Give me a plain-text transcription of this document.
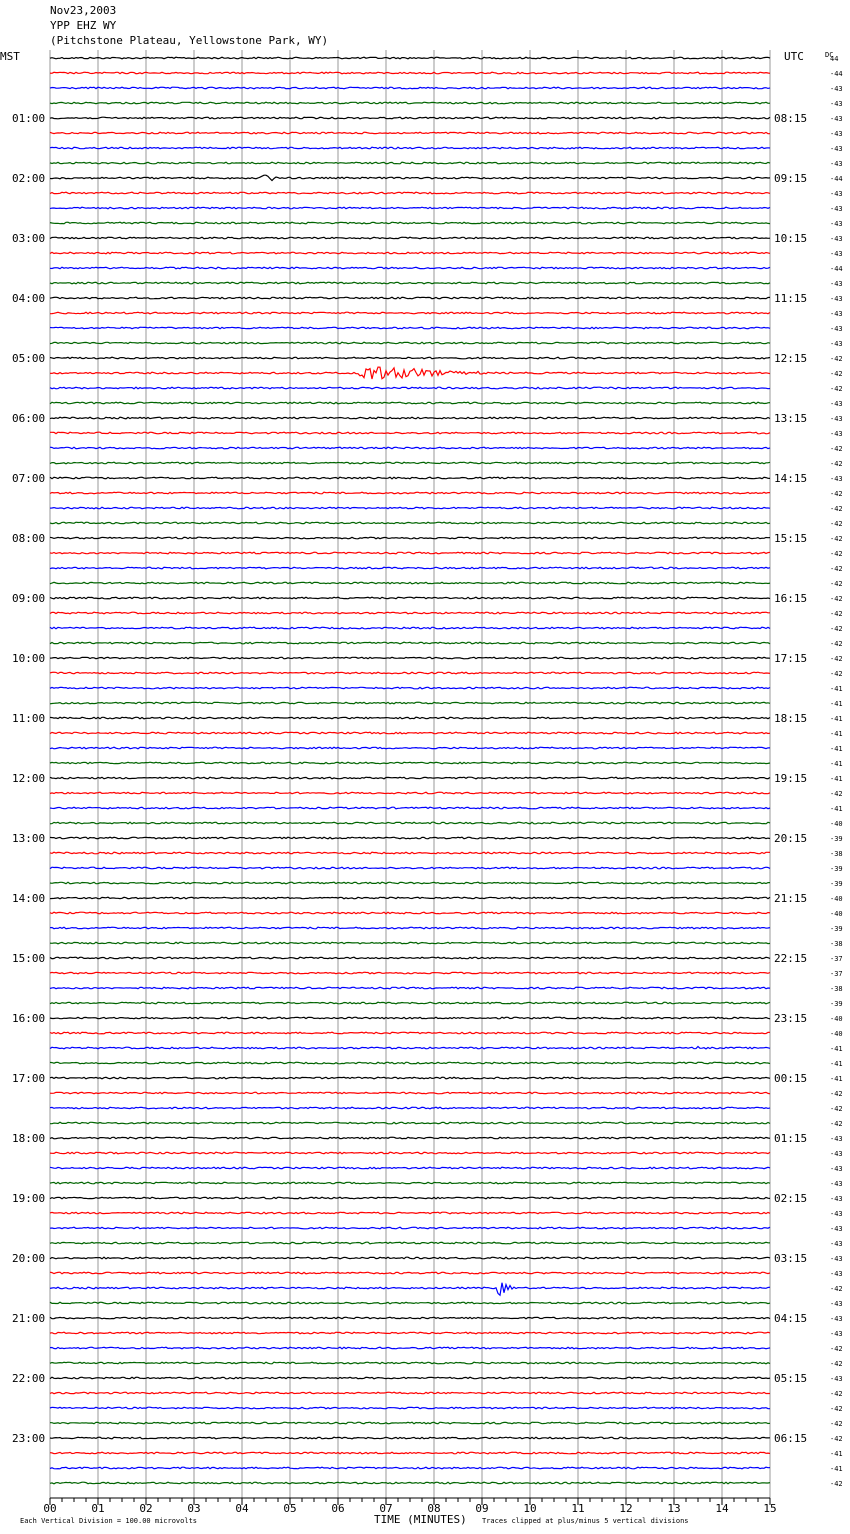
Nov23,2003
YPP EHZ WY
(Pitchstone Plateau, Yellowstone Park, WY)
00	01	02	03	04	05	06	07	08	09	10	11	12	13	14	15
44
-44
-43
-43
-43
01:00	08:15
-43
-43
-43
-44
02:00	09:15
-43
-43
-43
-43
03:00	10:15
-43
-44
-43
-43
04:00	11:15
-43
-43
-43
-42
05:00	12:15
-42
-42
-43
-43
06:00	13:15
-43
-42
-42
-43
07:00	14:15
-42
-42
-42
-42
08:00	15:15
-42
-42
-42
-42
09:00	16:15
-42
-42
-42
-42
10:00	17:15
-42
-41
-41
-41
11:00	18:15
-41
-41
-41
-41
12:00	19:15
-42
-41
-40
-39
13:00	20:15
-38
-39
-39
-40
14:00	21:15
-40
-39
-38
-37
15:00	22:15
-37
-38
-39
-40
16:00	23:15
-40
-41
-41
-41
17:00	00:15
-42
-42
-42
-43
18:00	01:15
-43
-43
-43
-43
19:00	02:15
-43
-43
-43
-43
20:00	03:15
-43
-42
-43
-43
21:00	04:15
-43
-42
-42
-43
22:00	05:15
-42
-42
-42
-42
23:00	06:15
-41
-41
-42
MST	UTC	DC
Each Vertical Division = 100.00 microvolts	TIME (MINUTES) Traces clipped at plus/minus 5 vertical divisions
